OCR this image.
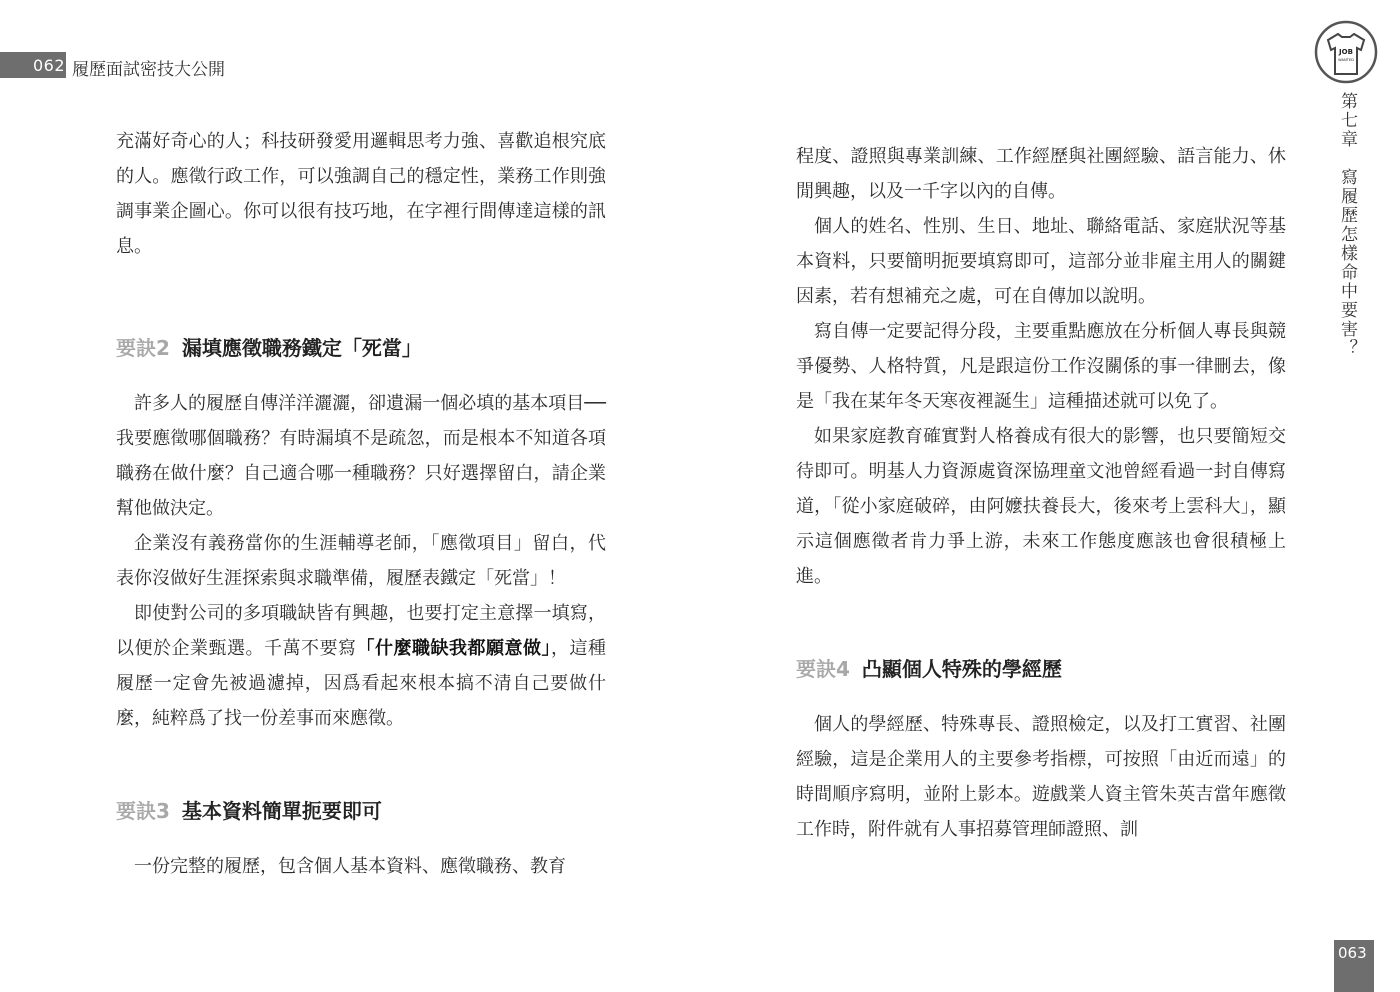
062 履歷面試密技大公開

充滿好奇心的人；科技研發愛用邏輯思考力強、喜歡追根究底的人。應徵行政工作，可以強調自己的穩定性，業務工作則強調事業企圖心。你可以很有技巧地，在字裡行間傳達這樣的訊息。

要訣2 漏填應徵職務鐵定「死當」

許多人的履歷自傳洋洋灑灑，卻遺漏一個必填的基本項目──我要應徵哪個職務？有時漏填不是疏忽，而是根本不知道各項職務在做什麼？自己適合哪一種職務？只好選擇留白，請企業幫他做決定。

企業沒有義務當你的生涯輔導老師，「應徵項目」留白，代表你沒做好生涯探索與求職準備，履歷表鐵定「死當」！

即使對公司的多項職缺皆有興趣，也要打定主意擇一填寫，以便於企業甄選。千萬不要寫「什麼職缺我都願意做」，這種履歷一定會先被過濾掉，因爲看起來根本搞不清自己要做什麼，純粹爲了找一份差事而來應徵。

要訣3 基本資料簡單扼要即可

一份完整的履歷，包含個人基本資料、應徵職務、教育

程度、證照與專業訓練、工作經歷與社團經驗、語言能力、休閒興趣，以及一千字以內的自傳。

個人的姓名、性別、生日、地址、聯絡電話、家庭狀況等基本資料，只要簡明扼要填寫即可，這部分並非雇主用人的關鍵因素，若有想補充之處，可在自傳加以說明。

寫自傳一定要記得分段，主要重點應放在分析個人專長與競爭優勢、人格特質，凡是跟這份工作沒關係的事一律刪去，像是「我在某年冬天寒夜裡誕生」這種描述就可以免了。

如果家庭教育確實對人格養成有很大的影響，也只要簡短交待即可。明基人力資源處資深協理童文池曾經看過一封自傳寫道，「從小家庭破碎，由阿嬤扶養長大，後來考上雲科大」，顯示這個應徵者肯力爭上游，未來工作態度應該也會很積極上進。

要訣4 凸顯個人特殊的學經歷

個人的學經歷、特殊專長、證照檢定，以及打工實習、社團經驗，這是企業用人的主要參考指標，可按照「由近而遠」的時間順序寫明，並附上影本。遊戲業人資主管朱英吉當年應徵工作時，附件就有人事招募管理師證照、訓

JOB
WANTED
第七章　寫履歷怎樣命中要害？
063
